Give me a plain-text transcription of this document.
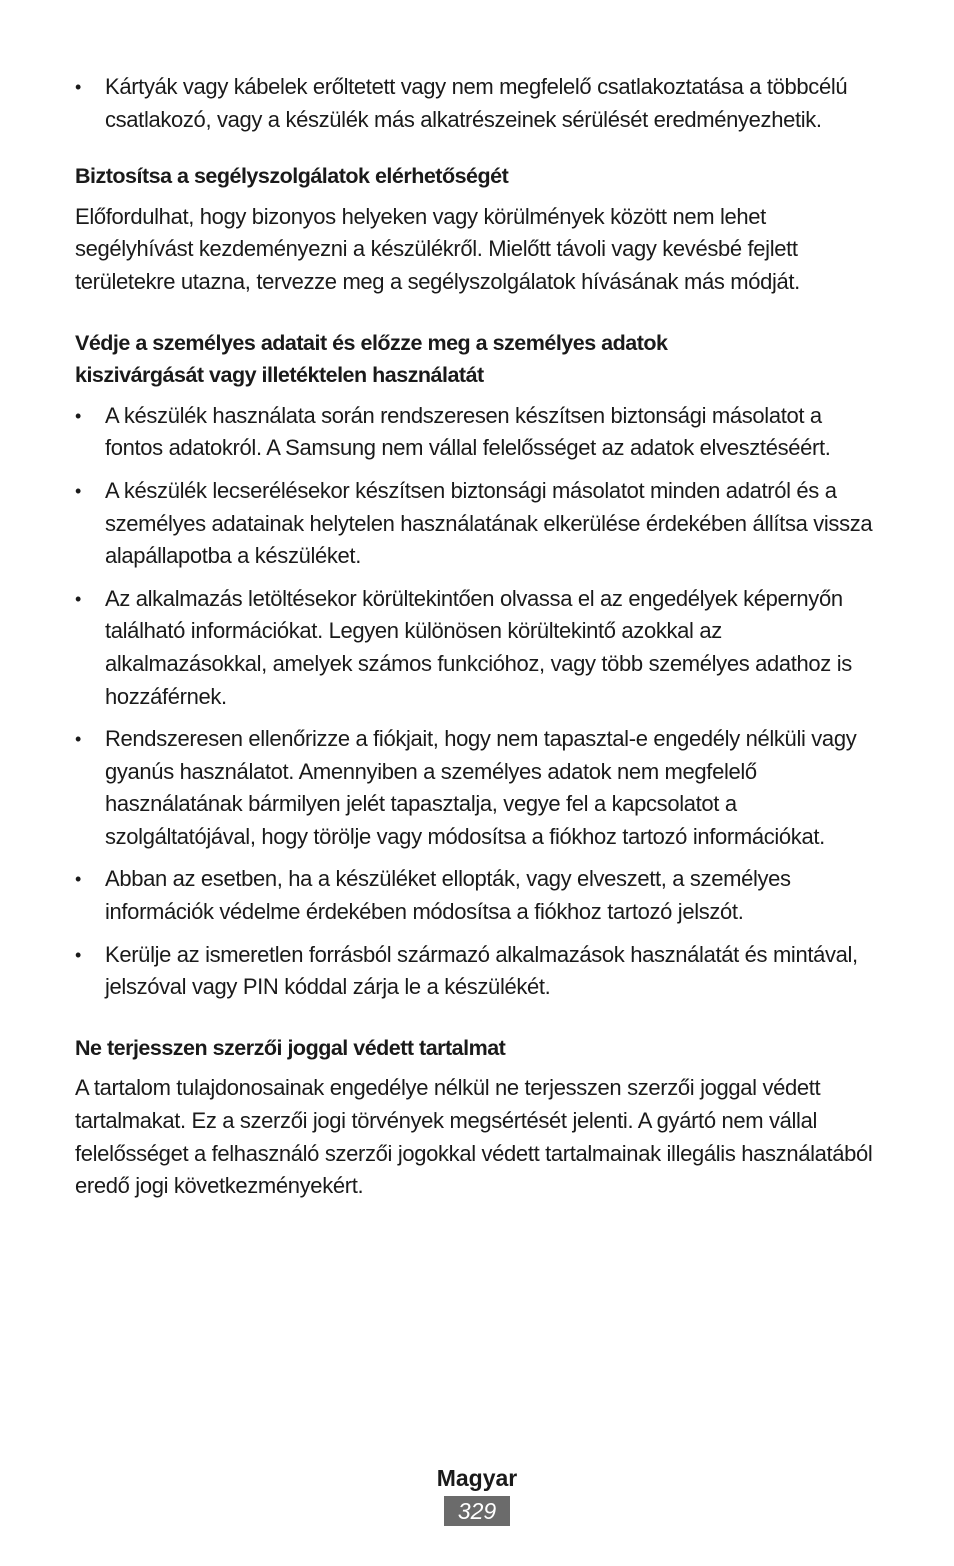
•	Kártyák vagy kábelek erőltetett vagy nem megfelelő csatlakoztatása a többcélú csatlakozó, vagy a készülék más alkatrészeinek sérülését eredményezhetik.
Biztosítsa a segélyszolgálatok elérhetőségét

Előfordulhat, hogy bizonyos helyeken vagy körülmények között nem lehet segélyhívást kezdeményezni a készülékről. Mielőtt távoli vagy kevésbé fejlett területekre utazna, tervezze meg a segélyszolgálatok hívásának más módját.

Védje a személyes adatait és előzze meg a személyes adatok
kiszivárgását vagy illetéktelen használatát
•	A készülék használata során rendszeresen készítsen biztonsági másolatot a fontos adatokról. A Samsung nem vállal felelősséget az adatok elvesztéséért.
•	A készülék lecserélésekor készítsen biztonsági másolatot minden adatról és a személyes adatainak helytelen használatának elkerülése érdekében állítsa vissza alapállapotba a készüléket.
•	Az alkalmazás letöltésekor körültekintően olvassa el az engedélyek képernyőn található információkat. Legyen különösen körültekintő azokkal az alkalmazásokkal, amelyek számos funkcióhoz, vagy több személyes adathoz is hozzáférnek.
•	Rendszeresen ellenőrizze a fiókjait, hogy nem tapasztal-e engedély nélküli vagy gyanús használatot. Amennyiben a személyes adatok nem megfelelő használatának bármilyen jelét tapasztalja, vegye fel a kapcsolatot a szolgáltatójával, hogy törölje vagy módosítsa a fiókhoz tartozó információkat.
•	Abban az esetben, ha a készüléket ellopták, vagy elveszett, a személyes információk védelme érdekében módosítsa a fiókhoz tartozó jelszót.
•	Kerülje az ismeretlen forrásból származó alkalmazások használatát és mintával, jelszóval vagy PIN kóddal zárja le a készülékét.
Ne terjesszen szerzői joggal védett tartalmat

A tartalom tulajdonosainak engedélye nélkül ne terjesszen szerzői joggal védett tartalmakat. Ez a szerzői jogi törvények megsértését jelenti. A gyártó nem vállal felelősséget a felhasználó szerzői jogokkal védett tartalmainak illegális használatából eredő jogi következményekért.

Magyar
329
